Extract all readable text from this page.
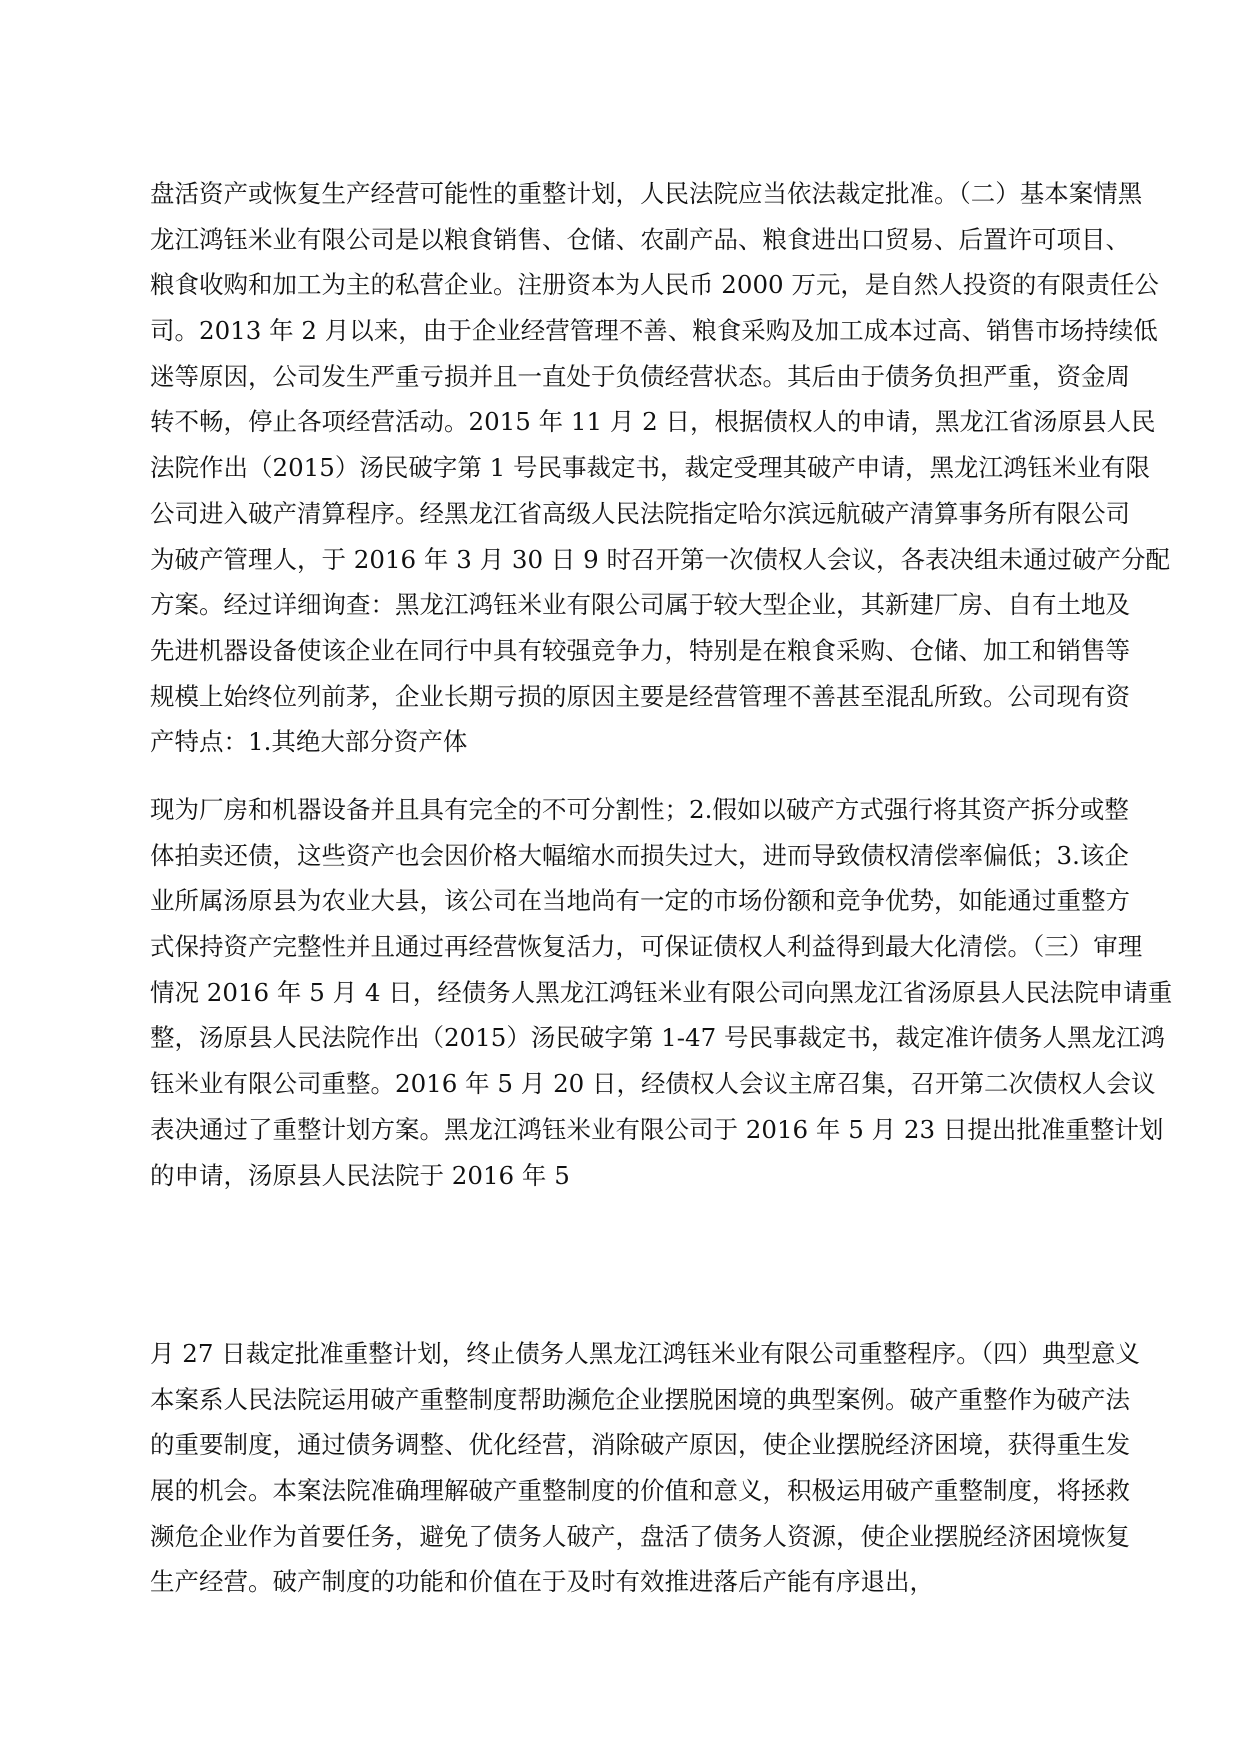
盘活资产或恢复生产经营可能性的重整计划，人民法院应当依法裁定批准。（二）基本案情黑
龙江鸿钰米业有限公司是以粮食销售、仓储、农副产品、粮食进出口贸易、后置许可项目、
粮食收购和加工为主的私营企业。注册资本为人民币 2000 万元，是自然人投资的有限责任公
司。2013 年 2 月以来，由于企业经营管理不善、粮食采购及加工成本过高、销售市场持续低
迷等原因，公司发生严重亏损并且一直处于负债经营状态。其后由于债务负担严重，资金周
转不畅，停止各项经营活动。2015 年 11 月 2 日，根据债权人的申请，黑龙江省汤原县人民
法院作出（2015）汤民破字第 1 号民事裁定书，裁定受理其破产申请，黑龙江鸿钰米业有限
公司进入破产清算程序。经黑龙江省高级人民法院指定哈尔滨远航破产清算事务所有限公司
为破产管理人，于 2016 年 3 月 30 日 9 时召开第一次债权人会议，各表决组未通过破产分配
方案。经过详细询查：黑龙江鸿钰米业有限公司属于较大型企业，其新建厂房、自有土地及
先进机器设备使该企业在同行中具有较强竞争力，特别是在粮食采购、仓储、加工和销售等
规模上始终位列前茅，企业长期亏损的原因主要是经营管理不善甚至混乱所致。公司现有资
产特点：1.其绝大部分资产体
现为厂房和机器设备并且具有完全的不可分割性；2.假如以破产方式强行将其资产拆分或整
体拍卖还债，这些资产也会因价格大幅缩水而损失过大，进而导致债权清偿率偏低；3.该企
业所属汤原县为农业大县，该公司在当地尚有一定的市场份额和竞争优势，如能通过重整方
式保持资产完整性并且通过再经营恢复活力，可保证债权人利益得到最大化清偿。（三）审理
情况 2016 年 5 月 4 日，经债务人黑龙江鸿钰米业有限公司向黑龙江省汤原县人民法院申请重
整，汤原县人民法院作出（2015）汤民破字第 1-47 号民事裁定书，裁定准许债务人黑龙江鸿
钰米业有限公司重整。2016 年 5 月 20 日，经债权人会议主席召集，召开第二次债权人会议
表决通过了重整计划方案。黑龙江鸿钰米业有限公司于 2016 年 5 月 23 日提出批准重整计划
的申请，汤原县人民法院于 2016 年 5
月 27 日裁定批准重整计划，终止债务人黑龙江鸿钰米业有限公司重整程序。（四）典型意义
本案系人民法院运用破产重整制度帮助濒危企业摆脱困境的典型案例。破产重整作为破产法
的重要制度，通过债务调整、优化经营，消除破产原因，使企业摆脱经济困境，获得重生发
展的机会。本案法院准确理解破产重整制度的价值和意义，积极运用破产重整制度，将拯救
濒危企业作为首要任务，避免了债务人破产，盘活了债务人资源，使企业摆脱经济困境恢复
生产经营。破产制度的功能和价值在于及时有效推进落后产能有序退出，
